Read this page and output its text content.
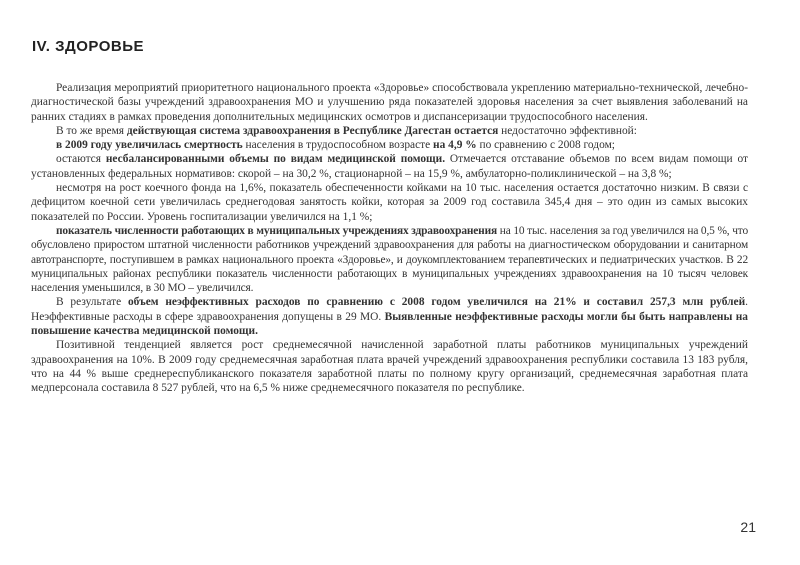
IV. ЗДОРОВЬЕ

Реализация мероприятий приоритетного национального проекта «Здоровье» способствовала укреплению материально-технической, лечебно-диагностической базы учреждений здравоохранения МО и улучшению ряда показателей здоровья населения за счет выявления заболеваний на ранних стадиях в рамках проведения дополнительных медицинских осмотров и диспансеризации трудоспособного населения.

В то же время действующая система здравоохранения в Республике Дагестан остается недостаточно эффективной:

в 2009 году увеличилась смертность населения в трудоспособном возрасте на 4,9 % по сравнению с 2008 годом;

остаются несбалансированными объемы по видам медицинской помощи. Отмечается отставание объемов по всем видам помощи от установленных федеральных нормативов: скорой – на 30,2 %, стационарной – на 15,9 %, амбулаторно-поликлинической – на 3,8 %;

несмотря на рост коечного фонда на 1,6%, показатель обеспеченности койками на 10 тыс. населения остается достаточно низким. В связи с дефицитом коечной сети увеличилась среднегодовая занятость койки, которая за 2009 год составила 345,4 дня – это один из самых высоких показателей по России. Уровень госпитализации увеличился на 1,1 %;

показатель численности работающих в муниципальных учреждениях здравоохранения на 10 тыс. населения за год увеличился на 0,5 %, что обусловлено приростом штатной численности работников учреждений здравоохранения для работы на диагностическом оборудовании и санитарном автотранспорте, поступившем в рамках национального проекта «Здоровье», и доукомплектованием терапевтических и педиатрических участков. В 22 муниципальных районах республики показатель численности работающих в муниципальных учреждениях здравоохранения на 10 тысяч человек населения уменьшился, в 30 МО – увеличился.

В результате объем неэффективных расходов по сравнению с 2008 годом увеличился на 21% и составил 257,3 млн рублей. Неэффективные расходы в сфере здравоохранения допущены в 29 МО. Выявленные неэффективные расходы могли бы быть направлены на повышение качества медицинской помощи.

Позитивной тенденцией является рост среднемесячной начисленной заработной платы работников муниципальных учреждений здравоохранения на 10%. В 2009 году среднемесячная заработная плата врачей учреждений здравоохранения республики составила 13 183 рубля, что на 44 % выше среднереспубликанского показателя заработной платы по полному кругу организаций, среднемесячная заработная плата медперсонала составила 8 527 рублей, что на 6,5 % ниже среднемесячного показателя по республике.

21
